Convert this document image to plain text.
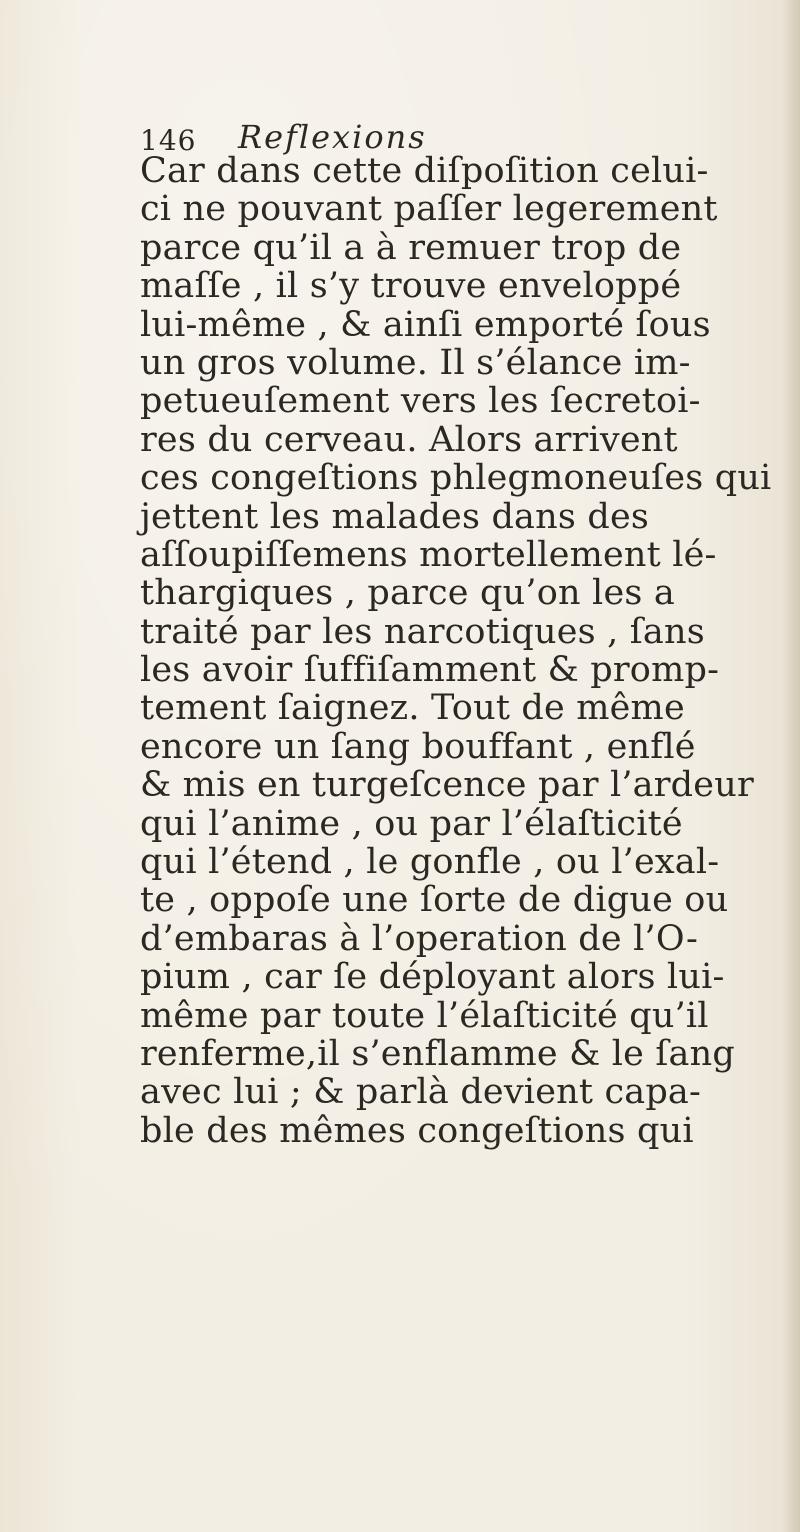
146 Reflexions
Car dans cette diſpoſition celui-
ci ne pouvant paſſer legerement
parce qu’il a à remuer trop de
maſſe , il s’y trouve enveloppé
lui-même , & ainſi emporté ſous
un gros volume. Il s’élance im-
petueuſement vers les ſecretoi-
res du cerveau. Alors arrivent
ces congeſtions phlegmoneuſes qui
jettent les malades dans des
aſſoupiſſemens mortellement lé-
thargiques , parce qu’on les a
traité par les narcotiques , ſans
les avoir ſuffiſamment & promp-
tement ſaignez. Tout de même
encore un ſang bouffant , enflé
& mis en turgeſcence par l’ardeur
qui l’anime , ou par l’élaſticité
qui l’étend , le gonfle , ou l’exal-
te , oppoſe une ſorte de digue ou
d’embaras à l’operation de l’O-
pium , car ſe déployant alors lui-
même par toute l’élaſticité qu’il
renferme,il s’enflamme & le ſang
avec lui ; & parlà devient capa-
ble des mêmes congeſtions qui
